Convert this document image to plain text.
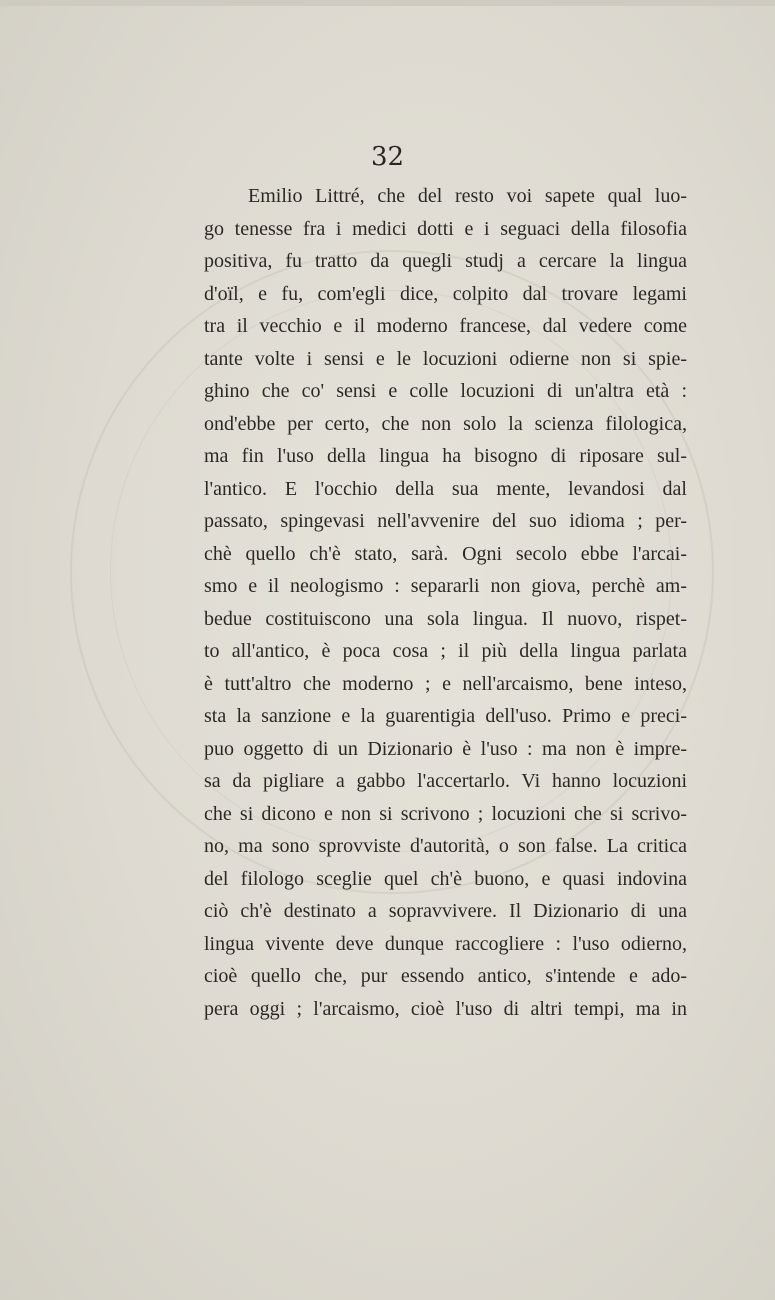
32
Emilio Littré, che del resto voi sapete qual luo-
go tenesse fra i medici dotti e i seguaci della filosofia
positiva, fu tratto da quegli studj a cercare la lingua
d'oïl, e fu, com'egli dice, colpito dal trovare legami
tra il vecchio e il moderno francese, dal vedere come
tante volte i sensi e le locuzioni odierne non si spie-
ghino che co' sensi e colle locuzioni di un'altra età :
ond'ebbe per certo, che non solo la scienza filologica,
ma fin l'uso della lingua ha bisogno di riposare sul-
l'antico. E l'occhio della sua mente, levandosi dal
passato, spingevasi nell'avvenire del suo idioma ; per-
chè quello ch'è stato, sarà. Ogni secolo ebbe l'arcai-
smo e il neologismo : separarli non giova, perchè am-
bedue costituiscono una sola lingua. Il nuovo, rispet-
to all'antico, è poca cosa ; il più della lingua parlata
è tutt'altro che moderno ; e nell'arcaismo, bene inteso,
sta la sanzione e la guarentigia dell'uso. Primo e preci-
puo oggetto di un Dizionario è l'uso : ma non è impre-
sa da pigliare a gabbo l'accertarlo. Vi hanno locuzioni
che si dicono e non si scrivono ; locuzioni che si scrivo-
no, ma sono sprovviste d'autorità, o son false. La critica
del filologo sceglie quel ch'è buono, e quasi indovina
ciò ch'è destinato a sopravvivere. Il Dizionario di una
lingua vivente deve dunque raccogliere : l'uso odierno,
cioè quello che, pur essendo antico, s'intende e ado-
pera oggi ; l'arcaismo, cioè l'uso di altri tempi, ma in
